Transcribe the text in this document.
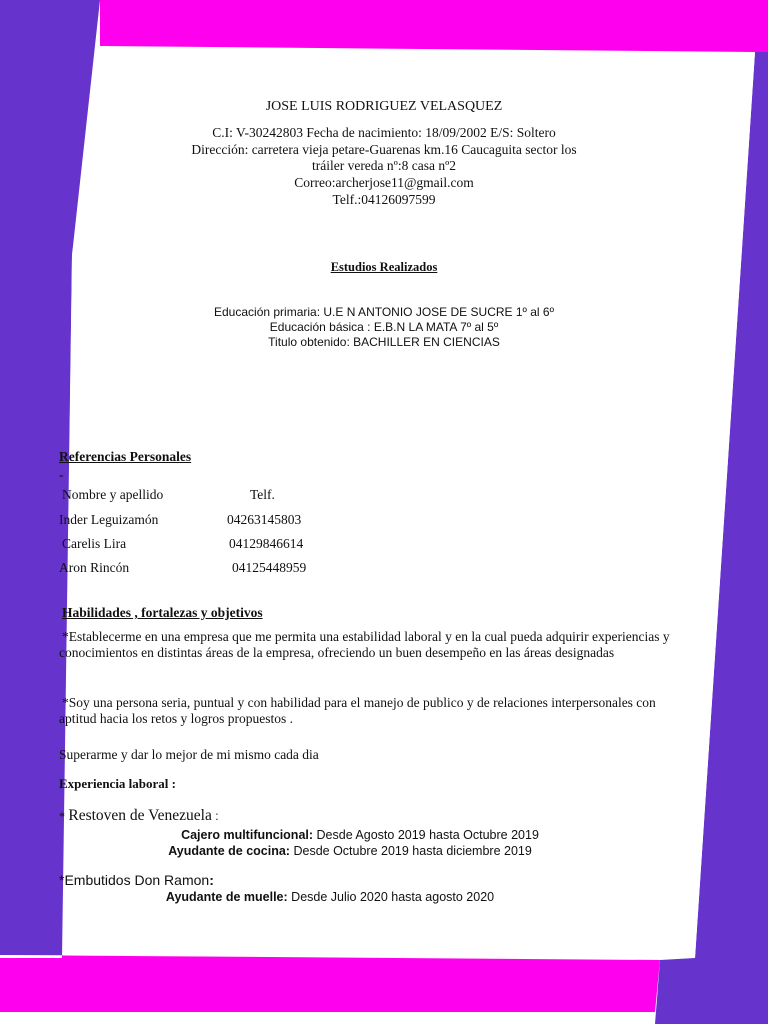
JOSE LUIS RODRIGUEZ VELASQUEZ
C.I: V-30242803 Fecha de nacimiento: 18/09/2002 E/S: Soltero
Dirección: carretera vieja petare-Guarenas km.16 Caucaguita sector los
tráiler vereda nº:8 casa nº2
Correo:archerjose11@gmail.com
Telf.:04126097599
Estudios Realizados
Educación primaria: U.E N ANTONIO JOSE DE SUCRE 1º al 6º
Educación básica : E.B.N LA MATA 7º al 5º
Titulo obtenido: BACHILLER EN CIENCIAS
Referencias Personales
-
Nombre y apellido	Telf.
Inder Leguizamón	04263145803
Carelis Lira	04129846614
Aron Rincón	04125448959
Habilidades , fortalezas y objetivos
*Establecerme en una empresa que me permita una estabilidad laboral y en la cual pueda adquirir experiencias y conocimientos en distintas áreas de la empresa, ofreciendo un buen desempeño en las áreas designadas
*Soy una persona seria, puntual y con habilidad para el manejo de publico y de relaciones interpersonales con aptitud hacia los retos y logros propuestos .
Superarme y dar lo mejor de mi mismo cada dia
Experiencia laboral :
* Restoven de Venezuela :
Cajero multifuncional: Desde Agosto 2019 hasta Octubre 2019
Ayudante de cocina: Desde Octubre 2019 hasta diciembre 2019
*Embutidos Don Ramon:
Ayudante de muelle: Desde Julio 2020 hasta agosto 2020
